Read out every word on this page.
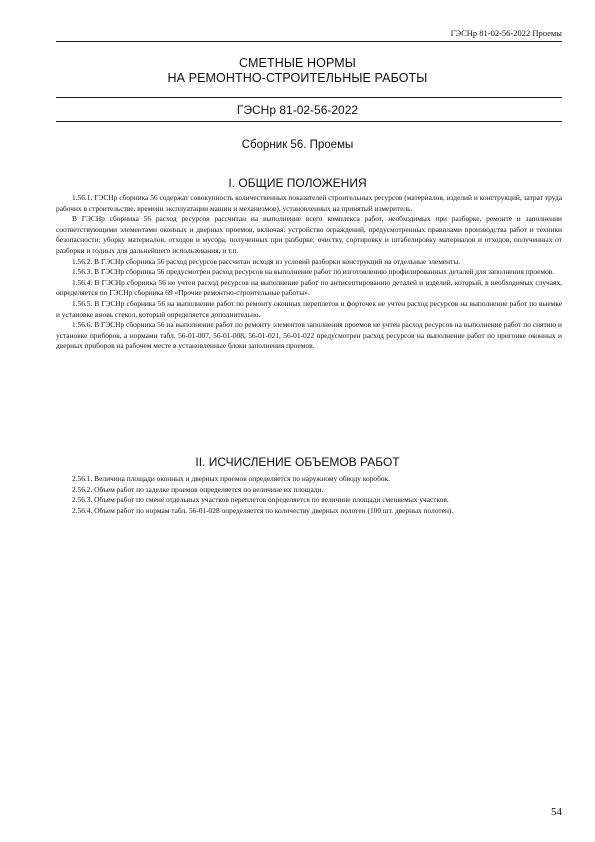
ГЭСНр 81-02-56-2022 Проемы
СМЕТНЫЕ НОРМЫ
НА РЕМОНТНО-СТРОИТЕЛЬНЫЕ РАБОТЫ
ГЭСНр 81-02-56-2022
Сборник 56. Проемы
I. ОБЩИЕ ПОЛОЖЕНИЯ

1.56.1. ГЭСНр сборника 56 содержат совокупность количественных показателей строительных ресурсов (материалов, изделий и конструкций, затрат труда рабочих в строительстве, времени эксплуатации машин и механизмов), установленных на принятый измеритель.

В ГЭСНр сборника 56 расход ресурсов рассчитан на выполнение всего комплекса работ, необходимых при разборке, ремонте и заполнении соответствующими элементами оконных и дверных проемов, включая: устройство ограждений, предусмотренных правилами производства работ и техники безопасности; уборку материалов, отходов и мусора, полученных при разборке; очистку, сортировку и штабелировку материалов и отходов, полученных от разборки и годных для дальнейшего использования, и т.п.

1.56.2. В ГЭСНр сборника 56 расход ресурсов рассчитан исходя из условий разборки конструкций на отдельные элементы.

1.56.3. В ГЭСНр сборника 56 предусмотрен расход ресурсов на выполнение работ по изготовлению профилированных деталей для заполнения проемов.

1.56.4. В ГЭСНр сборника 56 не учтен расход ресурсов на выполнение работ по антисептированию деталей и изделий, который, в необходимых случаях, определяется по ГЭСНр сборника 69 «Прочие ремонтно-строительные работы».

1.56.5. В ГЭСНр сборника 56 на выполнение работ по ремонту оконных переплетов и форточек не учтен расход ресурсов на выполнение работ по выемке и установке вновь стекол, который определяется дополнительно.

1.56.6. В ГЭСНр сборника 56 на выполнение работ по ремонту элементов заполнения проемов не учтен расход ресурсов на выполнение работ по снятию и установке приборов, а нормами табл. 56-01-007, 56-01-008, 56-01-021, 56-01-022 предусмотрен расход ресурсов на выполнение работ по пригонке оконных и дверных приборов на рабочем месте в установленные блоки заполнения проемов.

II. ИСЧИСЛЕНИЕ ОБЪЕМОВ РАБОТ

2.56.1. Величина площади оконных и дверных проемов определяется по наружному обводу коробок.

2.56.2. Объем работ по заделке проемов определяется по величине их площади.

2.56.3. Объем работ по смене отдельных участков переплетов определяется по величине площади сменяемых участков.

2.56.4. Объем работ по нормам табл. 56-01-028 определяется по количеству дверных полотен (100 шт. дверных полотен).

54
